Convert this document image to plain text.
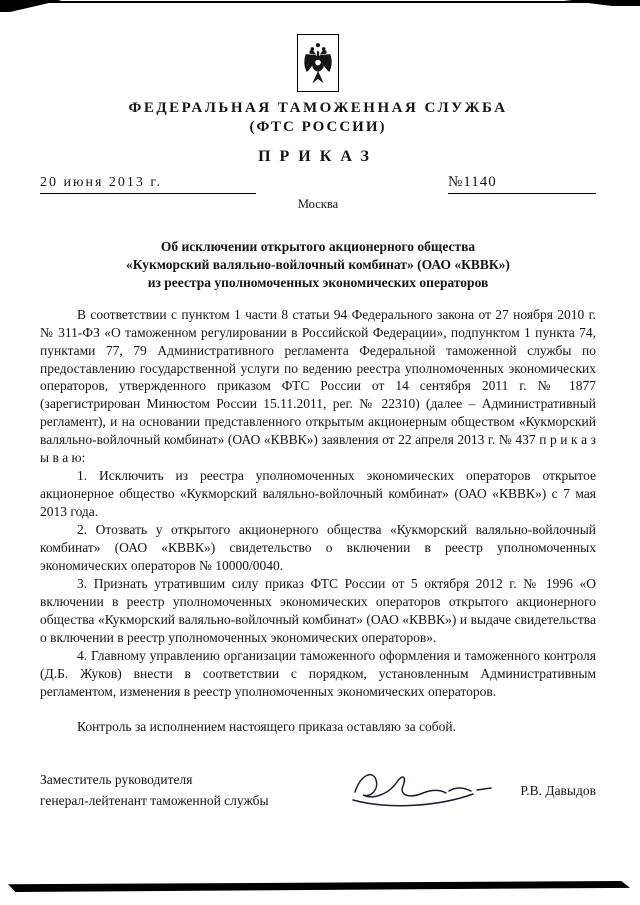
ФЕДЕРАЛЬНАЯ ТАМОЖЕННАЯ СЛУЖБА
(ФТС РОССИИ)
ПРИКАЗ
20 июня 2013 г.	№1140
Москва
Об исключении открытого акционерного общества
«Кукморский валяльно-войлочный комбинат» (ОАО «КВВК»)
из реестра уполномоченных экономических операторов

В соответствии с пунктом 1 части 8 статьи 94 Федерального закона от 27 ноября 2010 г. № 311-ФЗ «О таможенном регулировании в Российской Федерации», подпунктом 1 пункта 74, пунктами 77, 79 Административного регламента Федеральной таможенной службы по предоставлению государственной услуги по ведению реестра уполномоченных экономических операторов, утвержденного приказом ФТС России от 14 сентября 2011 г. № 1877 (зарегистрирован Минюстом России 15.11.2011, рег. № 22310) (далее – Административный регламент), и на основании представленного открытым акционерным обществом «Кукморский валяльно-войлочный комбинат» (ОАО «КВВК») заявления от 22 апреля 2013 г. № 437 п р и к а з ы в а ю:

1. Исключить из реестра уполномоченных экономических операторов открытое акционерное общество «Кукморский валяльно-войлочный комбинат» (ОАО «КВВК») с 7 мая 2013 года.

2. Отозвать у открытого акционерного общества «Кукморский валяльно-войлочный комбинат» (ОАО «КВВК») свидетельство о включении в реестр уполномоченных экономических операторов № 10000/0040.

3. Признать утратившим силу приказ ФТС России от 5 октября 2012 г. № 1996 «О включении в реестр уполномоченных экономических операторов открытого акционерного общества «Кукморский валяльно-войлочный комбинат» (ОАО «КВВК») и выдаче свидетельства о включении в реестр уполномоченных экономических операторов».

4. Главному управлению организации таможенного оформления и таможенного контроля (Д.Б. Жуков) внести в соответствии с порядком, установленным Административным регламентом, изменения в реестр уполномоченных экономических операторов.

Контроль за исполнением настоящего приказа оставляю за собой.

Заместитель руководителя
генерал-лейтенант таможенной службы
Р.В. Давыдов
